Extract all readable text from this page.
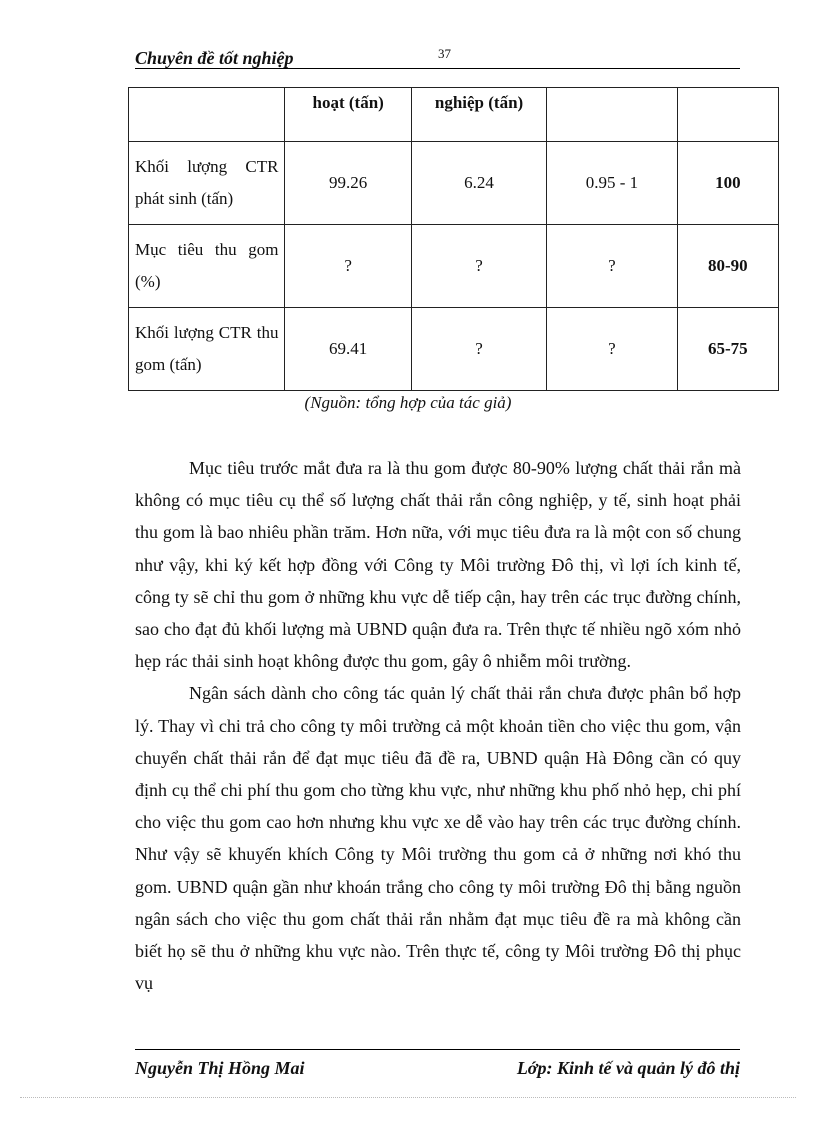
Chuyên đề tốt nghiệp	37
	hoạt (tấn)	nghiệp (tấn)		
Khối lượng CTR phát sinh (tấn)	99.26	6.24	0.95 - 1	100
Mục tiêu thu gom (%)	?	?	?	80-90
Khối lượng CTR thu gom (tấn)	69.41	?	?	65-75
(Nguồn: tổng hợp của tác giả)

Mục tiêu trước mắt đưa ra là thu gom được 80-90% lượng chất thải rắn mà không có mục tiêu cụ thể số lượng chất thải rắn công nghiệp, y tế, sinh hoạt phải thu gom là bao nhiêu phần trăm. Hơn nữa, với mục tiêu đưa ra là một con số chung như vậy, khi ký kết hợp đồng với Công ty Môi trường Đô thị, vì lợi ích kinh tế, công ty sẽ chỉ thu gom ở những khu vực dễ tiếp cận, hay trên các trục đường chính, sao cho đạt đủ khối lượng mà UBND quận đưa ra. Trên thực tế nhiều ngõ xóm nhỏ hẹp rác thải sinh hoạt không được thu gom, gây ô nhiễm môi trường.

Ngân sách dành cho công tác quản lý chất thải rắn chưa được phân bổ hợp lý. Thay vì chi trả cho công ty môi trường cả một khoản tiền cho việc thu gom, vận chuyển chất thải rắn để đạt mục tiêu đã đề ra, UBND quận Hà Đông cần có quy định cụ thể chi phí thu gom cho từng khu vực, như những khu phố nhỏ hẹp, chi phí cho việc thu gom cao hơn nhưng khu vực xe dễ vào hay trên các trục đường chính. Như vậy sẽ khuyến khích Công ty Môi trường thu gom cả ở những nơi khó thu gom. UBND quận gần như khoán trắng cho công ty môi trường Đô thị bằng nguồn ngân sách cho việc thu gom chất thải rắn nhằm đạt mục tiêu đề ra mà không cần biết họ sẽ thu ở những khu vực nào. Trên thực tế, công ty Môi trường Đô thị phục vụ

Nguyễn Thị Hồng Mai	Lớp: Kinh tế và quản lý đô thị
